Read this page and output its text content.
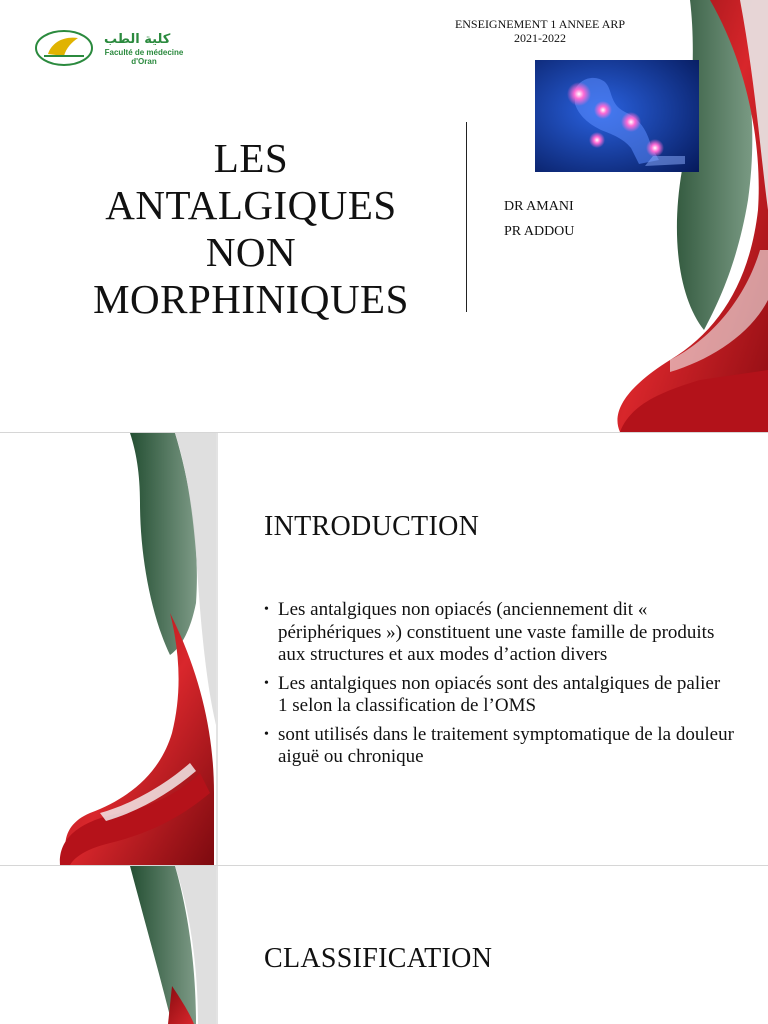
كلية الطب
Faculté de médecine
d'Oran
ENSEIGNEMENT 1 ANNEE ARP
2021-2022
LES
ANTALGIQUES
NON
MORPHINIQUES
DR AMANI
PR ADDOU
INTRODUCTION
• Les antalgiques non opiacés (anciennement dit « périphériques ») constituent une vaste famille de produits aux structures et aux modes d’action divers
• Les antalgiques non opiacés sont des antalgiques de palier 1 selon la classification de l’OMS
• sont utilisés dans le traitement symptomatique de la douleur aiguë ou chronique
CLASSIFICATION
